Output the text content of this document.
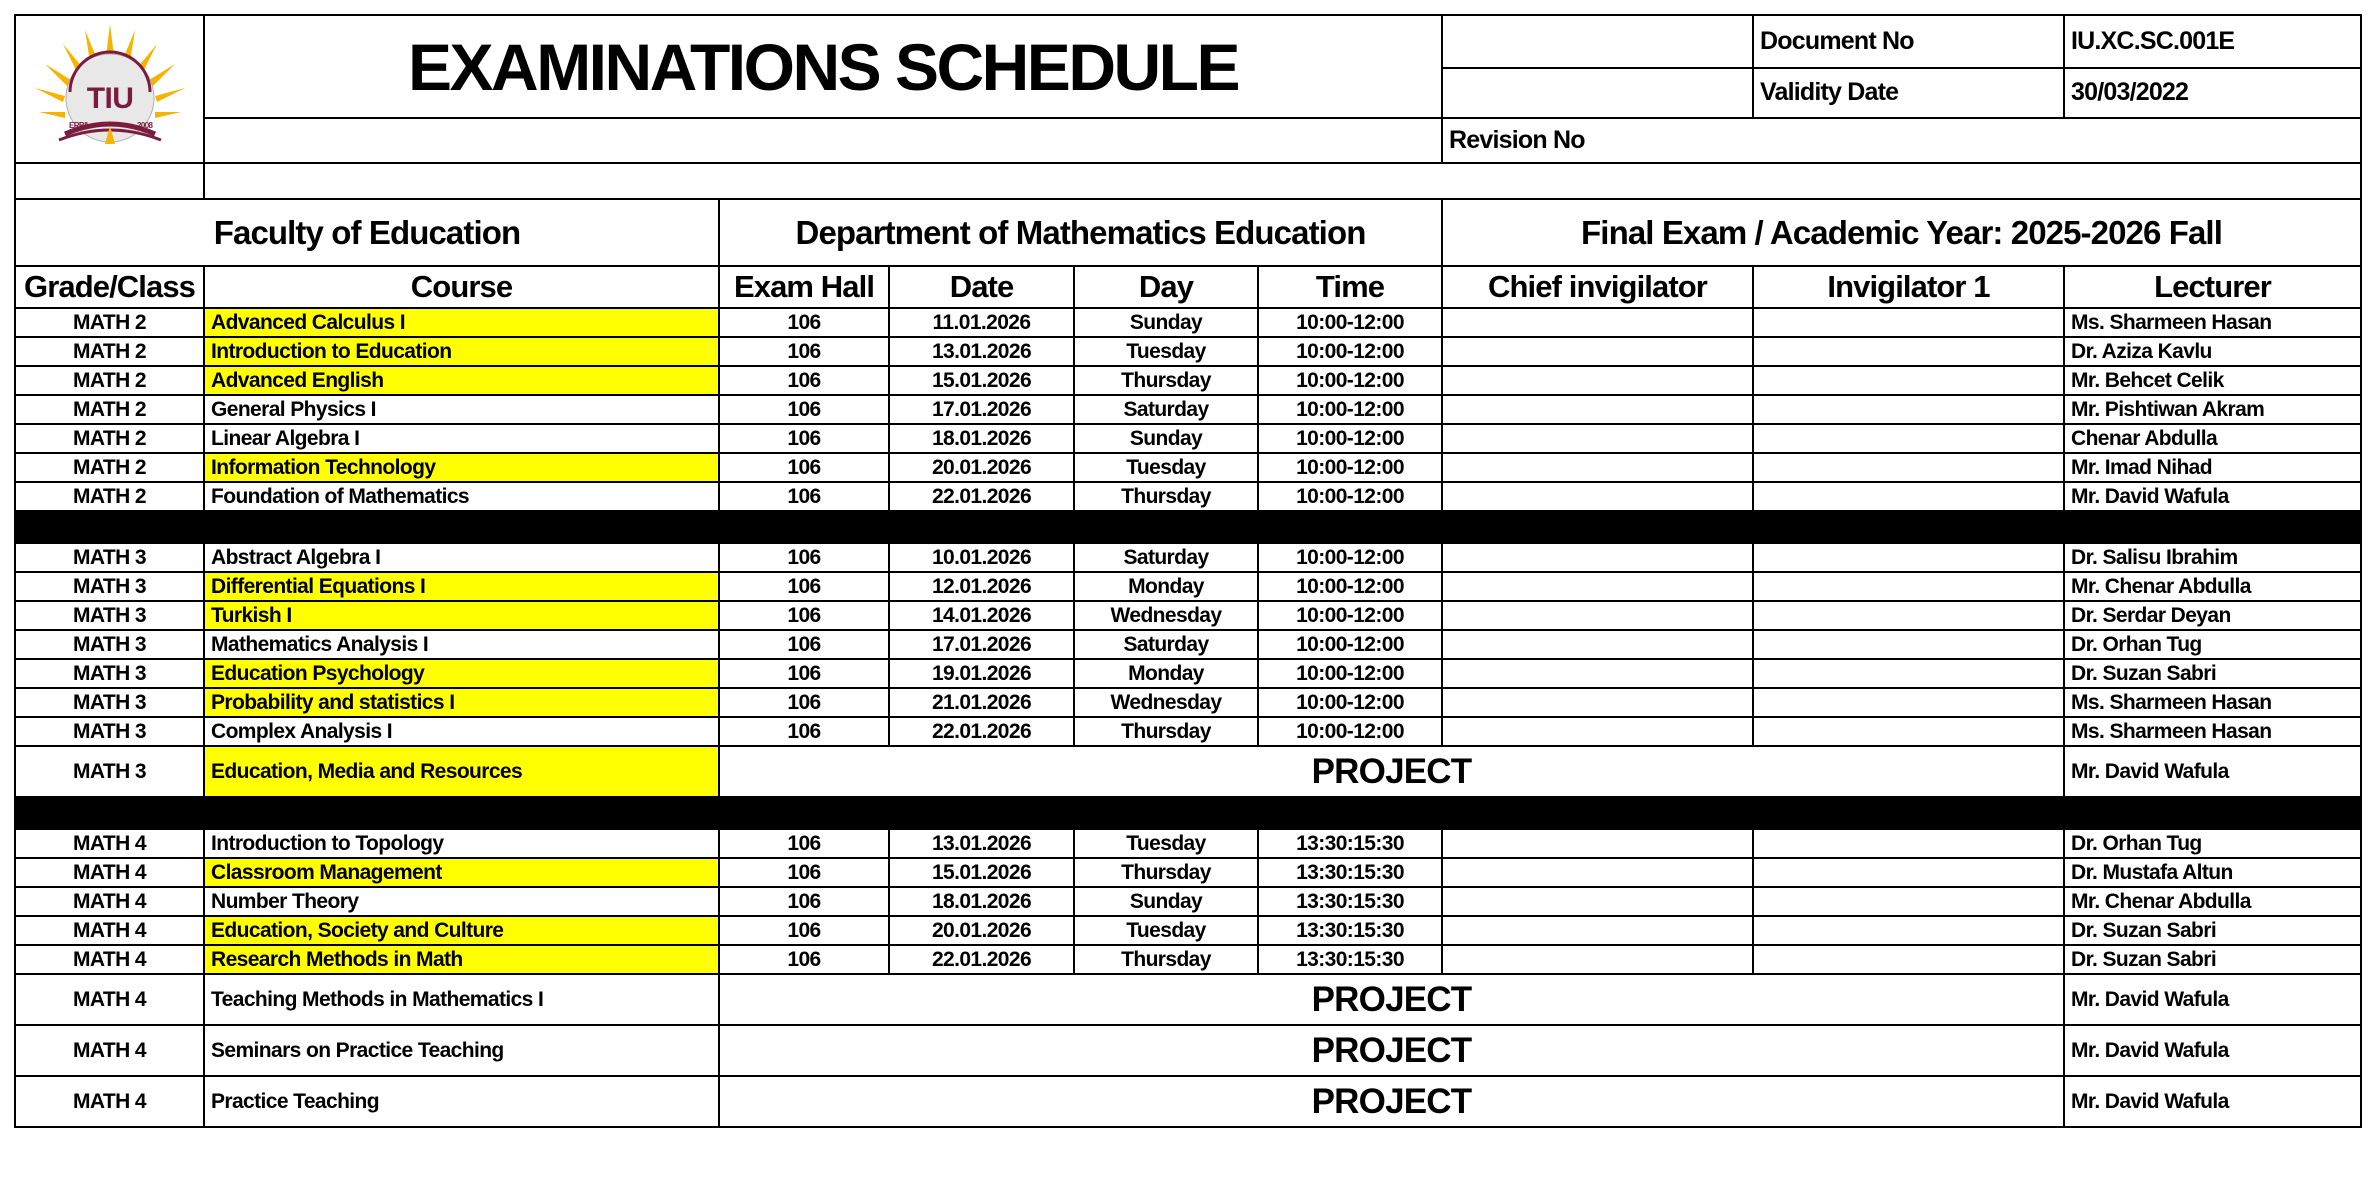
TIU
ERBIL 2008	EXAMINATIONS SCHEDULE						Document No	IU.XC.SC.001E
							Validity Date	30/03/2022
						Revision No		

Faculty of Education		Department of Mathematics Education				Final Exam / Academic Year: 2025-2026 Fall		
Grade/Class	Course	Exam Hall	Date	Day	Time	Chief invigilator	Invigilator 1	Lecturer
MATH 2	Advanced Calculus I	106	11.01.2026	Sunday	10:00-12:00			Ms. Sharmeen Hasan
MATH 2	Introduction to Education	106	13.01.2026	Tuesday	10:00-12:00			Dr. Aziza Kavlu
MATH 2	Advanced English	106	15.01.2026	Thursday	10:00-12:00			Mr. Behcet Celik
MATH 2	General Physics I	106	17.01.2026	Saturday	10:00-12:00			Mr. Pishtiwan Akram
MATH 2	Linear Algebra I	106	18.01.2026	Sunday	10:00-12:00			Chenar Abdulla
MATH 2	Information Technology	106	20.01.2026	Tuesday	10:00-12:00			Mr. Imad Nihad
MATH 2	Foundation of Mathematics	106	22.01.2026	Thursday	10:00-12:00			Mr. David Wafula

MATH 3	Abstract Algebra I	106	10.01.2026	Saturday	10:00-12:00			Dr. Salisu Ibrahim
MATH 3	Differential Equations I	106	12.01.2026	Monday	10:00-12:00			Mr. Chenar Abdulla
MATH 3	Turkish I	106	14.01.2026	Wednesday	10:00-12:00			Dr. Serdar Deyan
MATH 3	Mathematics Analysis I	106	17.01.2026	Saturday	10:00-12:00			Dr. Orhan Tug
MATH 3	Education Psychology	106	19.01.2026	Monday	10:00-12:00			Dr. Suzan Sabri
MATH 3	Probability and statistics I	106	21.01.2026	Wednesday	10:00-12:00			Ms. Sharmeen Hasan
MATH 3	Complex Analysis I	106	22.01.2026	Thursday	10:00-12:00			Ms. Sharmeen Hasan
MATH 3	Education, Media and Resources	PROJECT						Mr. David Wafula

MATH 4	Introduction to Topology	106	13.01.2026	Tuesday	13:30:15:30			Dr. Orhan Tug
MATH 4	Classroom Management	106	15.01.2026	Thursday	13:30:15:30			Dr. Mustafa Altun
MATH 4	Number Theory	106	18.01.2026	Sunday	13:30:15:30			Mr. Chenar Abdulla
MATH 4	Education, Society and Culture	106	20.01.2026	Tuesday	13:30:15:30			Dr. Suzan Sabri
MATH 4	Research Methods in Math	106	22.01.2026	Thursday	13:30:15:30			Dr. Suzan Sabri
MATH 4	Teaching Methods in Mathematics I	PROJECT						Mr. David Wafula
MATH 4	Seminars on Practice Teaching	PROJECT						Mr. David Wafula
MATH 4	Practice Teaching	PROJECT						Mr. David Wafula
